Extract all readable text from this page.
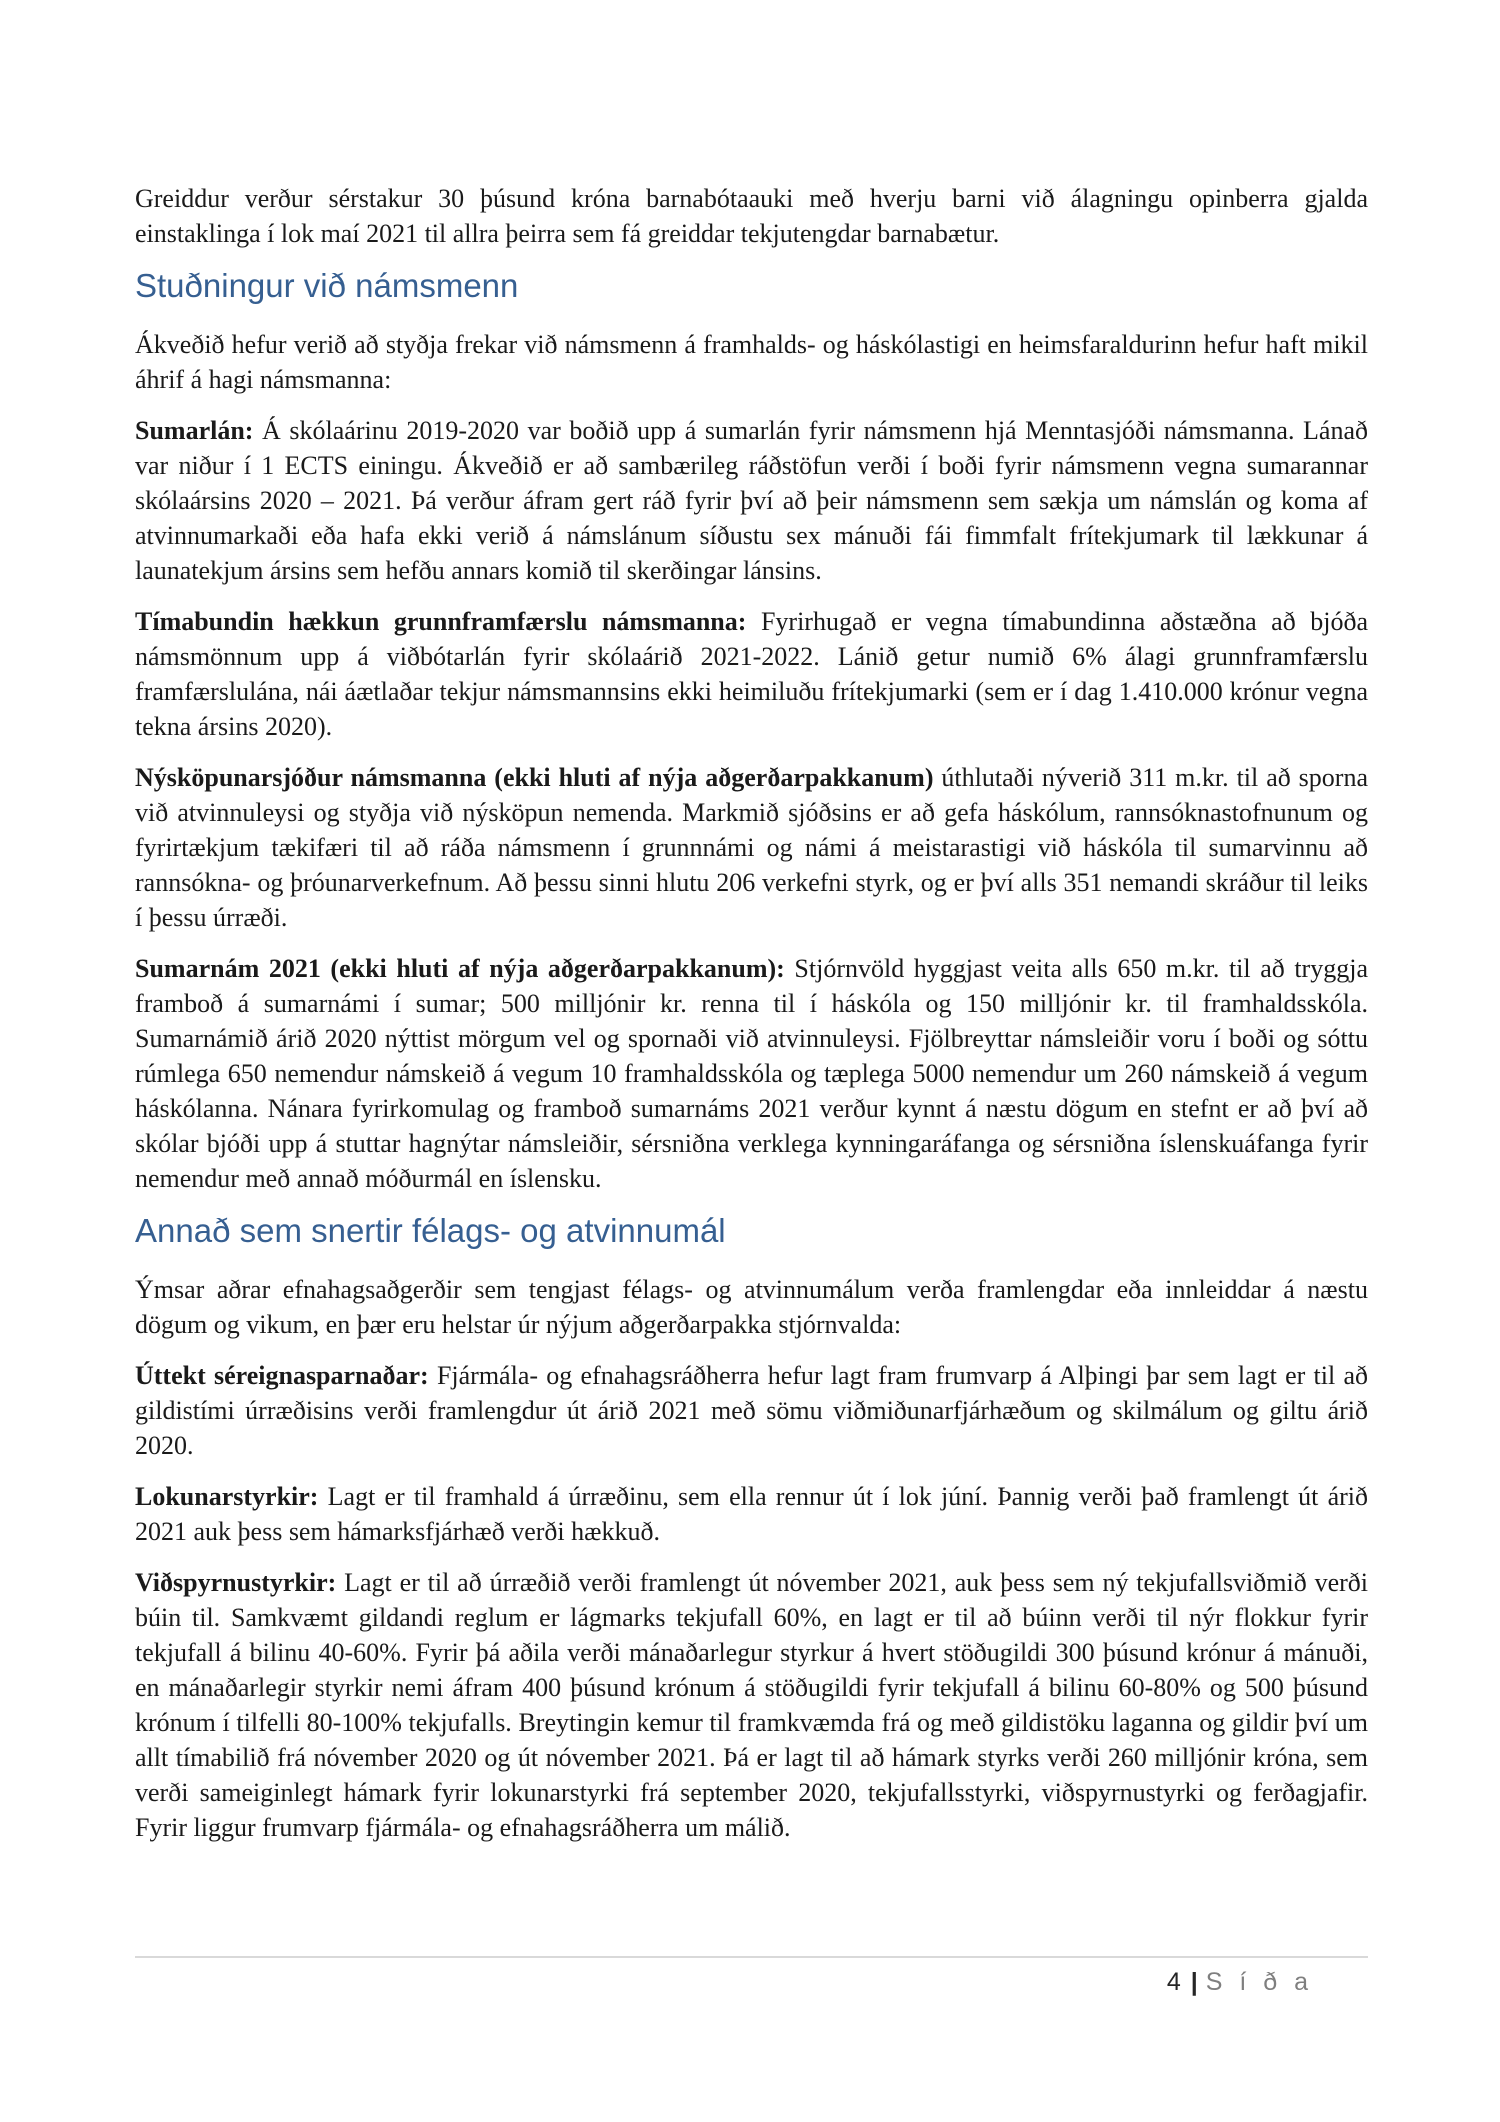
Greiddur verður sérstakur 30 þúsund króna barnabótaauki með hverju barni við álagningu opinberra gjalda einstaklinga í lok maí 2021 til allra þeirra sem fá greiddar tekjutengdar barnabætur.

Stuðningur við námsmenn

Ákveðið hefur verið að styðja frekar við námsmenn á framhalds- og háskólastigi en heimsfaraldurinn hefur haft mikil áhrif á hagi námsmanna:

Sumarlán: Á skólaárinu 2019-2020 var boðið upp á sumarlán fyrir námsmenn hjá Menntasjóði námsmanna. Lánað var niður í 1 ECTS einingu. Ákveðið er að sambærileg ráðstöfun verði í boði fyrir námsmenn vegna sumarannar skólaársins 2020 – 2021. Þá verður áfram gert ráð fyrir því að þeir námsmenn sem sækja um námslán og koma af atvinnumarkaði eða hafa ekki verið á námslánum síðustu sex mánuði fái fimmfalt frítekjumark til lækkunar á launatekjum ársins sem hefðu annars komið til skerðingar lánsins.

Tímabundin hækkun grunnframfærslu námsmanna: Fyrirhugað er vegna tímabundinna aðstæðna að bjóða námsmönnum upp á viðbótarlán fyrir skólaárið 2021-2022. Lánið getur numið 6% álagi grunnframfærslu framfærslulána, nái áætlaðar tekjur námsmannsins ekki heimiluðu frítekjumarki (sem er í dag 1.410.000 krónur vegna tekna ársins 2020).

Nýsköpunarsjóður námsmanna (ekki hluti af nýja aðgerðarpakkanum) úthlutaði nýverið 311 m.kr. til að sporna við atvinnuleysi og styðja við nýsköpun nemenda. Markmið sjóðsins er að gefa háskólum, rannsóknastofnunum og fyrirtækjum tækifæri til að ráða námsmenn í grunnnámi og námi á meistarastigi við háskóla til sumarvinnu að rannsókna- og þróunarverkefnum. Að þessu sinni hlutu 206 verkefni styrk, og er því alls 351 nemandi skráður til leiks í þessu úrræði.

Sumarnám 2021 (ekki hluti af nýja aðgerðarpakkanum): Stjórnvöld hyggjast veita alls 650 m.kr. til að tryggja framboð á sumarnámi í sumar; 500 milljónir kr. renna til í háskóla og 150 milljónir kr. til framhaldsskóla. Sumarnámið árið 2020 nýttist mörgum vel og spornaði við atvinnuleysi. Fjölbreyttar námsleiðir voru í boði og sóttu rúmlega 650 nemendur námskeið á vegum 10 framhaldsskóla og tæplega 5000 nemendur um 260 námskeið á vegum háskólanna. Nánara fyrirkomulag og framboð sumarnáms 2021 verður kynnt á næstu dögum en stefnt er að því að skólar bjóði upp á stuttar hagnýtar námsleiðir, sérsniðna verklega kynningaráfanga og sérsniðna íslenskuáfanga fyrir nemendur með annað móðurmál en íslensku.

Annað sem snertir félags- og atvinnumál

Ýmsar aðrar efnahagsaðgerðir sem tengjast félags- og atvinnumálum verða framlengdar eða innleiddar á næstu dögum og vikum, en þær eru helstar úr nýjum aðgerðarpakka stjórnvalda:

Úttekt séreignasparnaðar: Fjármála- og efnahagsráðherra hefur lagt fram frumvarp á Alþingi þar sem lagt er til að gildistími úrræðisins verði framlengdur út árið 2021 með sömu viðmiðunarfjárhæðum og skilmálum og giltu árið 2020.

Lokunarstyrkir: Lagt er til framhald á úrræðinu, sem ella rennur út í lok júní. Þannig verði það framlengt út árið 2021 auk þess sem hámarksfjárhæð verði hækkuð.

Viðspyrnustyrkir: Lagt er til að úrræðið verði framlengt út nóvember 2021, auk þess sem ný tekjufallsviðmið verði búin til. Samkvæmt gildandi reglum er lágmarks tekjufall 60%, en lagt er til að búinn verði til nýr flokkur fyrir tekjufall á bilinu 40-60%. Fyrir þá aðila verði mánaðarlegur styrkur á hvert stöðugildi 300 þúsund krónur á mánuði, en mánaðarlegir styrkir nemi áfram 400 þúsund krónum á stöðugildi fyrir tekjufall á bilinu 60-80% og 500 þúsund krónum í tilfelli 80-100% tekjufalls. Breytingin kemur til framkvæmda frá og með gildistöku laganna og gildir því um allt tímabilið frá nóvember 2020 og út nóvember 2021. Þá er lagt til að hámark styrks verði 260 milljónir króna, sem verði sameiginlegt hámark fyrir lokunarstyrki frá september 2020, tekjufallsstyrki, viðspyrnustyrki og ferðagjafir. Fyrir liggur frumvarp fjármála- og efnahagsráðherra um málið.

4 | S í ð a
